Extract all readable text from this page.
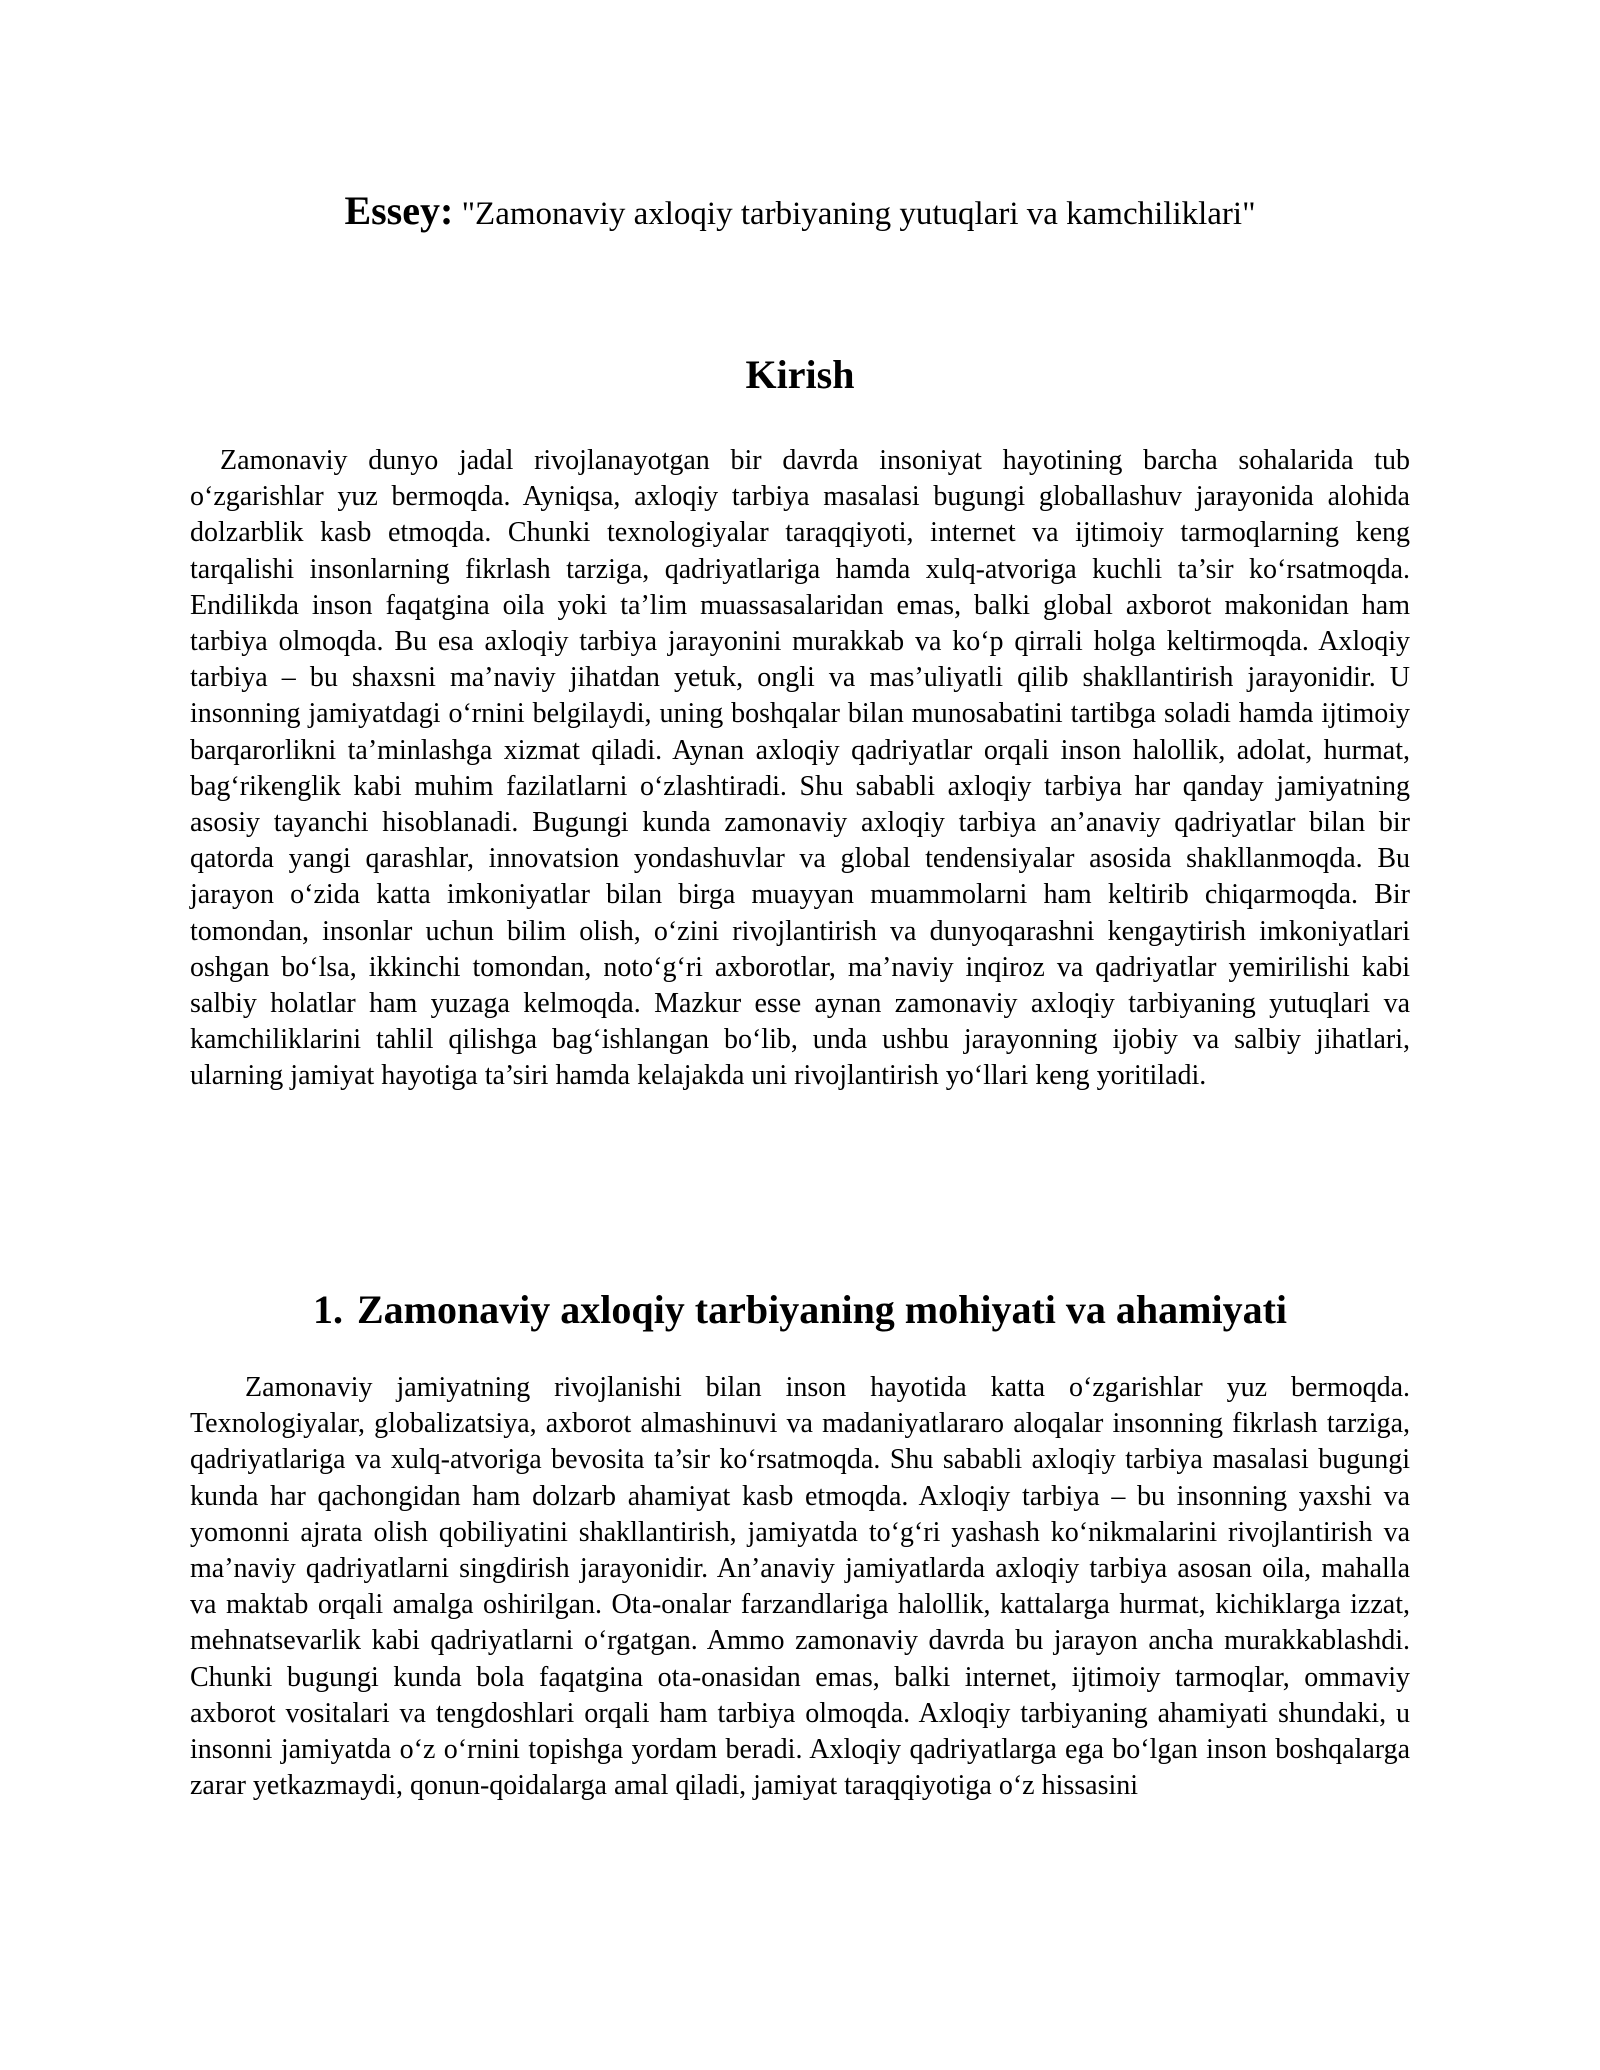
Essey: "Zamonaviy axloqiy tarbiyaning yutuqlari va kamchiliklari"
Kirish

Zamonaviy dunyo jadal rivojlanayotgan bir davrda insoniyat hayotining barcha sohalarida tub o‘zgarishlar yuz bermoqda. Ayniqsa, axloqiy tarbiya masalasi bugungi globallashuv jarayonida alohida dolzarblik kasb etmoqda. Chunki texnologiyalar taraqqiyoti, internet va ijtimoiy tarmoqlarning keng tarqalishi insonlarning fikrlash tarziga, qadriyatlariga hamda xulq-atvoriga kuchli ta’sir ko‘rsatmoqda. Endilikda inson faqatgina oila yoki ta’lim muassasalaridan emas, balki global axborot makonidan ham tarbiya olmoqda. Bu esa axloqiy tarbiya jarayonini murakkab va ko‘p qirrali holga keltirmoqda. Axloqiy tarbiya – bu shaxsni ma’naviy jihatdan yetuk, ongli va mas’uliyatli qilib shakllantirish jarayonidir. U insonning jamiyatdagi o‘rnini belgilaydi, uning boshqalar bilan munosabatini tartibga soladi hamda ijtimoiy barqarorlikni ta’minlashga xizmat qiladi. Aynan axloqiy qadriyatlar orqali inson halollik, adolat, hurmat, bag‘rikenglik kabi muhim fazilatlarni o‘zlashtiradi. Shu sababli axloqiy tarbiya har qanday jamiyatning asosiy tayanchi hisoblanadi. Bugungi kunda zamonaviy axloqiy tarbiya an’anaviy qadriyatlar bilan bir qatorda yangi qarashlar, innovatsion yondashuvlar va global tendensiyalar asosida shakllanmoqda. Bu jarayon o‘zida katta imkoniyatlar bilan birga muayyan muammolarni ham keltirib chiqarmoqda. Bir tomondan, insonlar uchun bilim olish, o‘zini rivojlantirish va dunyoqarashni kengaytirish imkoniyatlari oshgan bo‘lsa, ikkinchi tomondan, noto‘g‘ri axborotlar, ma’naviy inqiroz va qadriyatlar yemirilishi kabi salbiy holatlar ham yuzaga kelmoqda. Mazkur esse aynan zamonaviy axloqiy tarbiyaning yutuqlari va kamchiliklarini tahlil qilishga bag‘ishlangan bo‘lib, unda ushbu jarayonning ijobiy va salbiy jihatlari, ularning jamiyat hayotiga ta’siri hamda kelajakda uni rivojlantirish yo‘llari keng yoritiladi.

1. Zamonaviy axloqiy tarbiyaning mohiyati va ahamiyati

Zamonaviy jamiyatning rivojlanishi bilan inson hayotida katta o‘zgarishlar yuz bermoqda. Texnologiyalar, globalizatsiya, axborot almashinuvi va madaniyatlararo aloqalar insonning fikrlash tarziga, qadriyatlariga va xulq-atvoriga bevosita ta’sir ko‘rsatmoqda. Shu sababli axloqiy tarbiya masalasi bugungi kunda har qachongidan ham dolzarb ahamiyat kasb etmoqda. Axloqiy tarbiya – bu insonning yaxshi va yomonni ajrata olish qobiliyatini shakllantirish, jamiyatda to‘g‘ri yashash ko‘nikmalarini rivojlantirish va ma’naviy qadriyatlarni singdirish jarayonidir. An’anaviy jamiyatlarda axloqiy tarbiya asosan oila, mahalla va maktab orqali amalga oshirilgan. Ota-onalar farzandlariga halollik, kattalarga hurmat, kichiklarga izzat, mehnatsevarlik kabi qadriyatlarni o‘rgatgan. Ammo zamonaviy davrda bu jarayon ancha murakkablashdi. Chunki bugungi kunda bola faqatgina ota-onasidan emas, balki internet, ijtimoiy tarmoqlar, ommaviy axborot vositalari va tengdoshlari orqali ham tarbiya olmoqda. Axloqiy tarbiyaning ahamiyati shundaki, u insonni jamiyatda o‘z o‘rnini topishga yordam beradi. Axloqiy qadriyatlarga ega bo‘lgan inson boshqalarga zarar yetkazmaydi, qonun-qoidalarga amal qiladi, jamiyat taraqqiyotiga o‘z hissasini
